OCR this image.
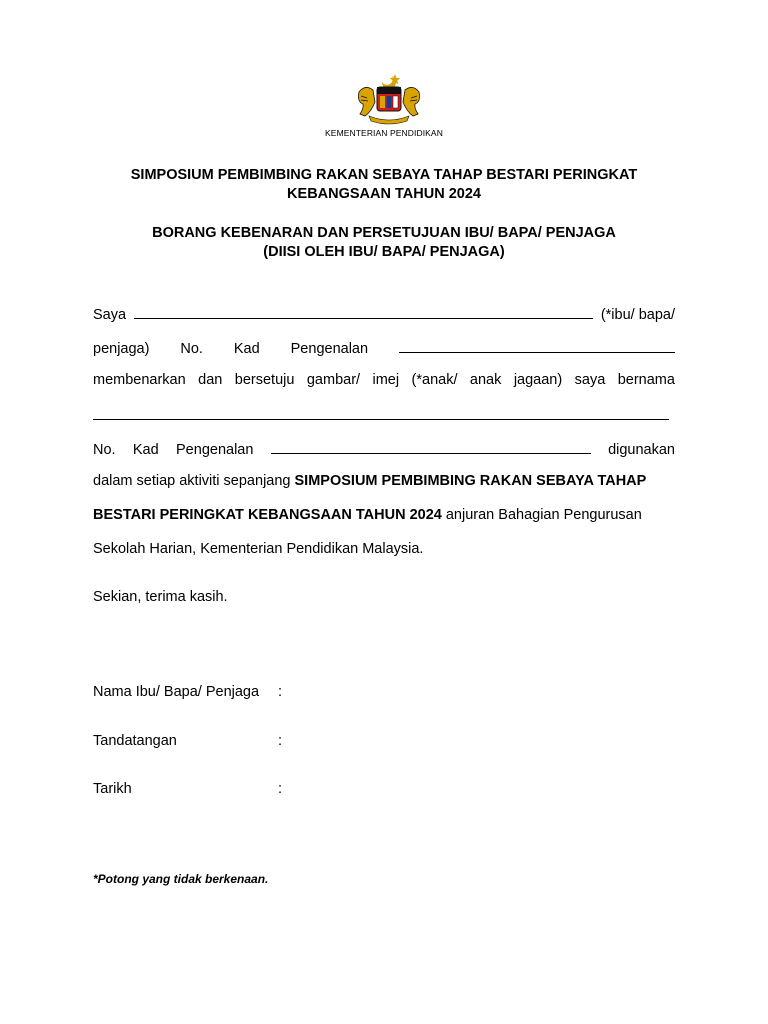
KEMENTERIAN PENDIDIKAN
SIMPOSIUM PEMBIMBING RAKAN SEBAYA TAHAP BESTARI PERINGKAT
KEBANGSAAN TAHUN 2024
BORANG KEBENARAN DAN PERSETUJUAN IBU/ BAPA/ PENJAGA
(DIISI OLEH IBU/ BAPA/ PENJAGA)
Saya	(*ibu/ bapa/
penjaga) No. Kad Pengenalan
membenarkan dan bersetuju gambar/ imej (*anak/ anak jagaan) saya bernama
No. Kad Pengenalan	digunakan
dalam setiap aktiviti sepanjang SIMPOSIUM PEMBIMBING RAKAN SEBAYA TAHAP
BESTARI PERINGKAT KEBANGSAAN TAHUN 2024 anjuran Bahagian Pengurusan
Sekolah Harian, Kementerian Pendidikan Malaysia.
Sekian, terima kasih.
Nama Ibu/ Bapa/ Penjaga :
Tandatangan	:
Tarikh	:
*Potong yang tidak berkenaan.
